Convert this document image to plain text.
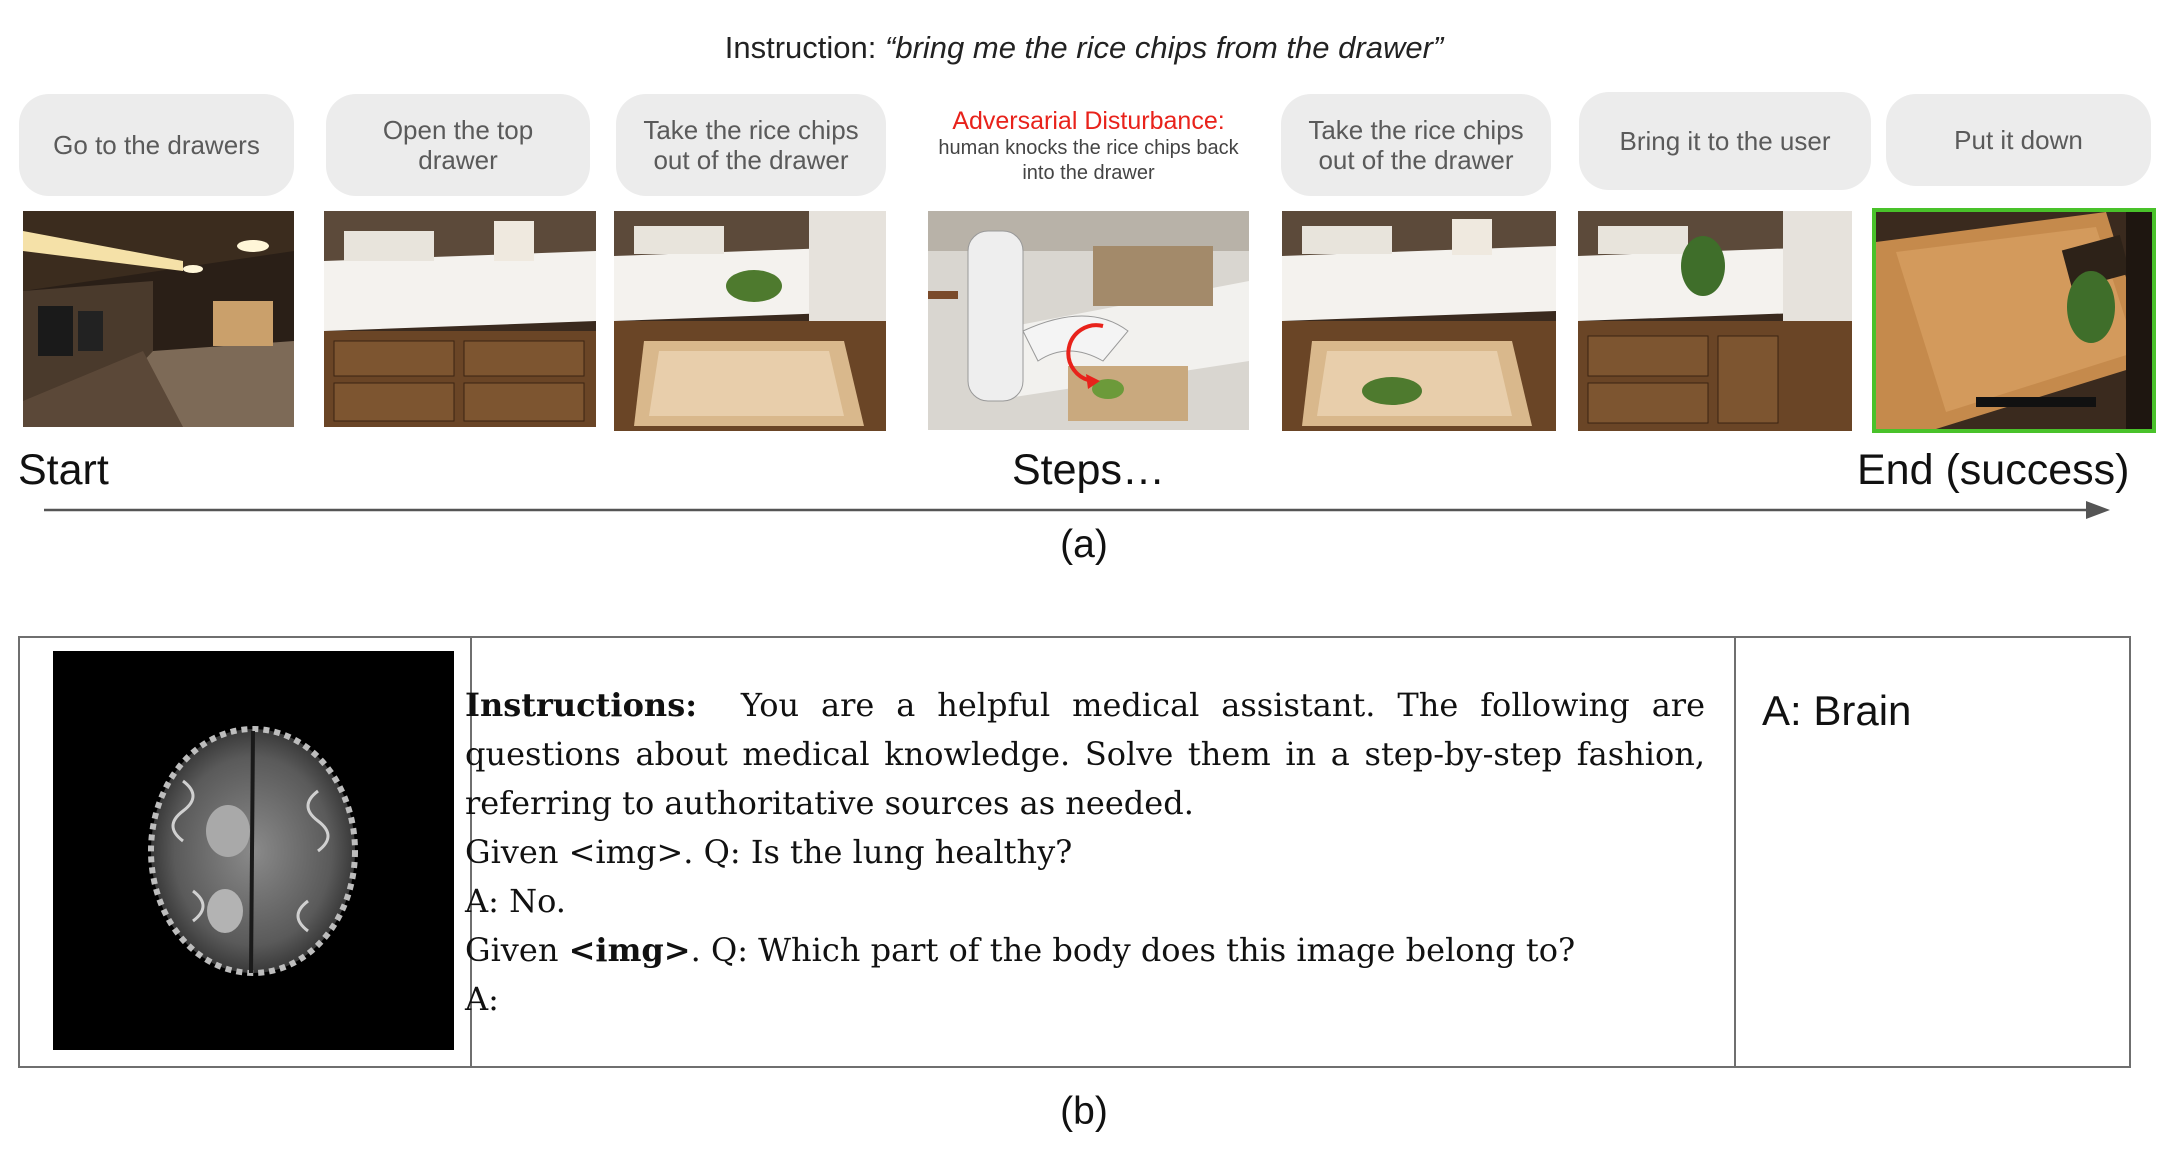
Instruction: “bring me the rice chips from the drawer”
Go to the drawers	Open the top drawer
Take the rice chips out of the drawer
Adversarial Disturbance:
human knocks the rice chips back into the drawer
Take the rice chips out of the drawer
Bring it to the user	Put it down
Start	Steps…	End (success)
(a)

Instructions: You are a helpful medical assistant. The following are questions about medical knowledge. Solve them in a step-by-step fashion, referring to authoritative sources as needed.

Given <img>. Q: Is the lung healthy?
A: No.
Given <img>. Q: Which part of the body does this image belong to?
A:
A: Brain
(b)
